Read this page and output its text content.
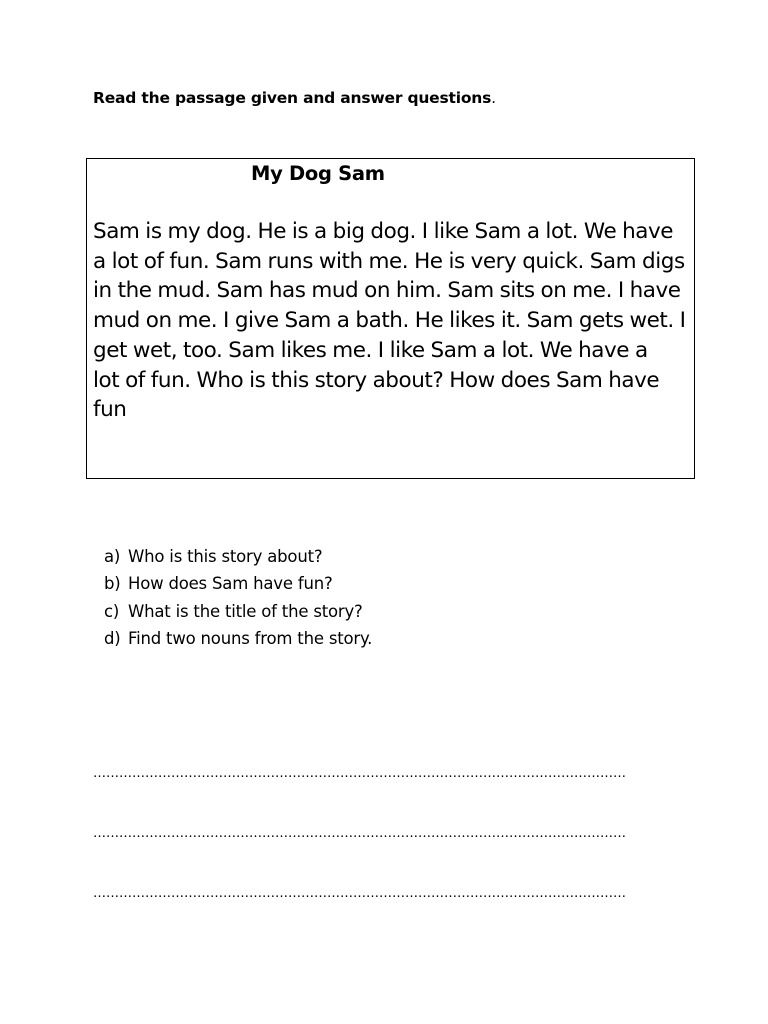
Read the passage given and answer questions.
My Dog Sam
Sam is my dog. He is a big dog. I like Sam a lot. We have
a lot of fun. Sam runs with me. He is very quick. Sam digs
in the mud. Sam has mud on him. Sam sits on me. I have
mud on me. I give Sam a bath. He likes it. Sam gets wet. I
get wet, too. Sam likes me. I like Sam a lot. We have a
lot of fun. Who is this story about? How does Sam have
fun
a) Who is this story about?
b) How does Sam have fun?
c) What is the title of the story?
d) Find two nouns from the story.
……………………………………………………………………………………………………………
……………………………………………………………………………………………………………
……………………………………………………………………………………………………………
